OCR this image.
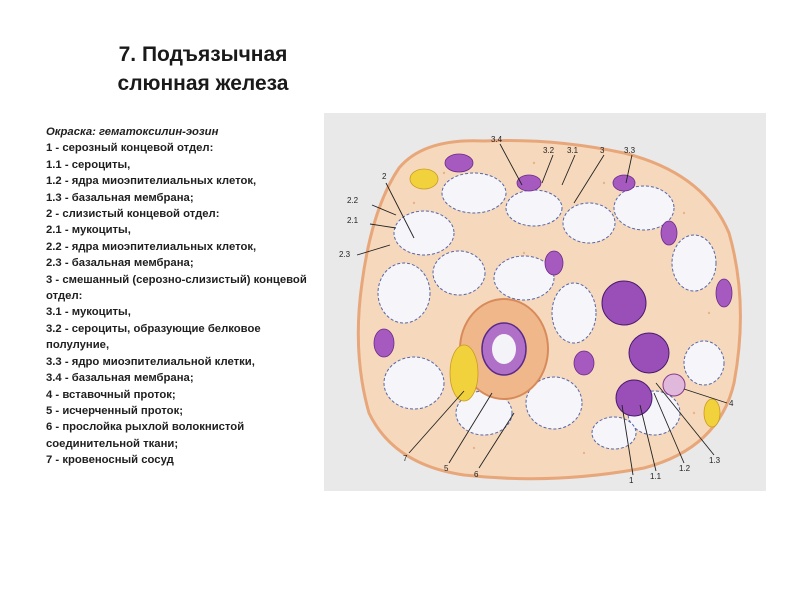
7. Подъязычная
слюнная железа
Окраска: гематоксилин-эозин
1 - серозный концевой отдел:
1.1 - сероциты,
1.2 - ядра миоэпителиальных клеток,
1.3 - базальная мембрана;
2 - слизистый концевой отдел:
2.1 - мукоциты,
2.2 - ядра миоэпителиальных клеток,
2.3 - базальная мембрана;
3 - смешанный (серозно-слизистый) концевой отдел:
3.1 - мукоциты,
3.2 - сероциты, образующие белковое полулуние,
3.3 - ядро миоэпителиальной клетки,
3.4 - базальная мембрана;
4 - вставочный проток;
5 - исчерченный проток;
6 - прослойка рыхлой волокнистой соединительной ткани;
7 - кровеносный сосуд
3.4
3.2 3.1	3 3.3
2
2.2
2.1
2.3
4
7
5
6
1 1.1
1.2
1.3
